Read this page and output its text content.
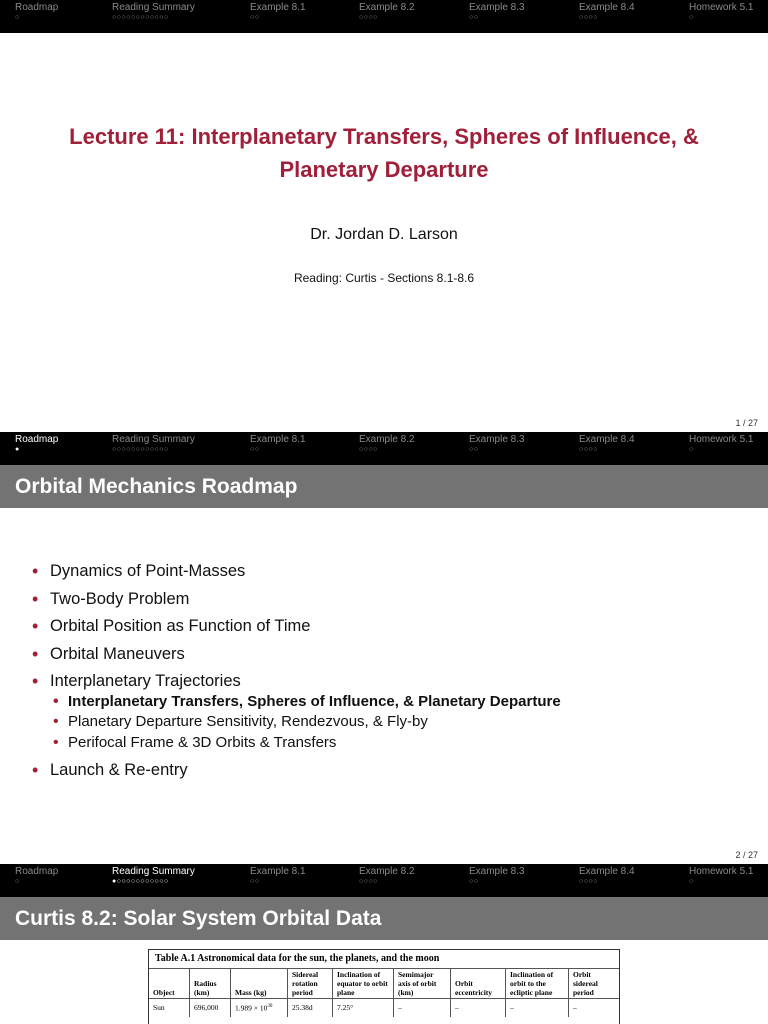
Roadmap
○
Reading Summary
○○○○○○○○○○○○
Example 8.1
○○
Example 8.2
○○○○
Example 8.3
○○
Example 8.4
○○○○
Homework 5.1
○
Lecture 11: Interplanetary Transfers, Spheres of Influence, & Planetary Departure
Dr. Jordan D. Larson
Reading: Curtis - Sections 8.1-8.6
1 / 27
Roadmap
●
Reading Summary
○○○○○○○○○○○○
Example 8.1
○○
Example 8.2
○○○○
Example 8.3
○○
Example 8.4
○○○○
Homework 5.1
○
Orbital Mechanics Roadmap
• Dynamics of Point-Masses
• Two-Body Problem
• Orbital Position as Function of Time
• Orbital Maneuvers
• Interplanetary Trajectories
• Interplanetary Transfers, Spheres of Influence, & Planetary Departure
• Planetary Departure Sensitivity, Rendezvous, & Fly-by
• Perifocal Frame & 3D Orbits & Transfers
• Launch & Re-entry
2 / 27
Roadmap
○
Reading Summary
●○○○○○○○○○○○
Example 8.1
○○
Example 8.2
○○○○
Example 8.3
○○
Example 8.4
○○○○
Homework 5.1
○
Curtis 8.2: Solar System Orbital Data
Table A.1 Astronomical data for the sun, the planets, and the moon
Object	Radius (km)	Mass (kg)	Sidereal rotation period	Inclination of equator to orbit plane	Semimajor axis of orbit (km)	Orbit eccentricity	Inclination of orbit to the ecliptic plane	Orbit sidereal period
Sun	696,000	$1.989 \times 10^{30}$	25.38d	7.25°	–	–	–	–
